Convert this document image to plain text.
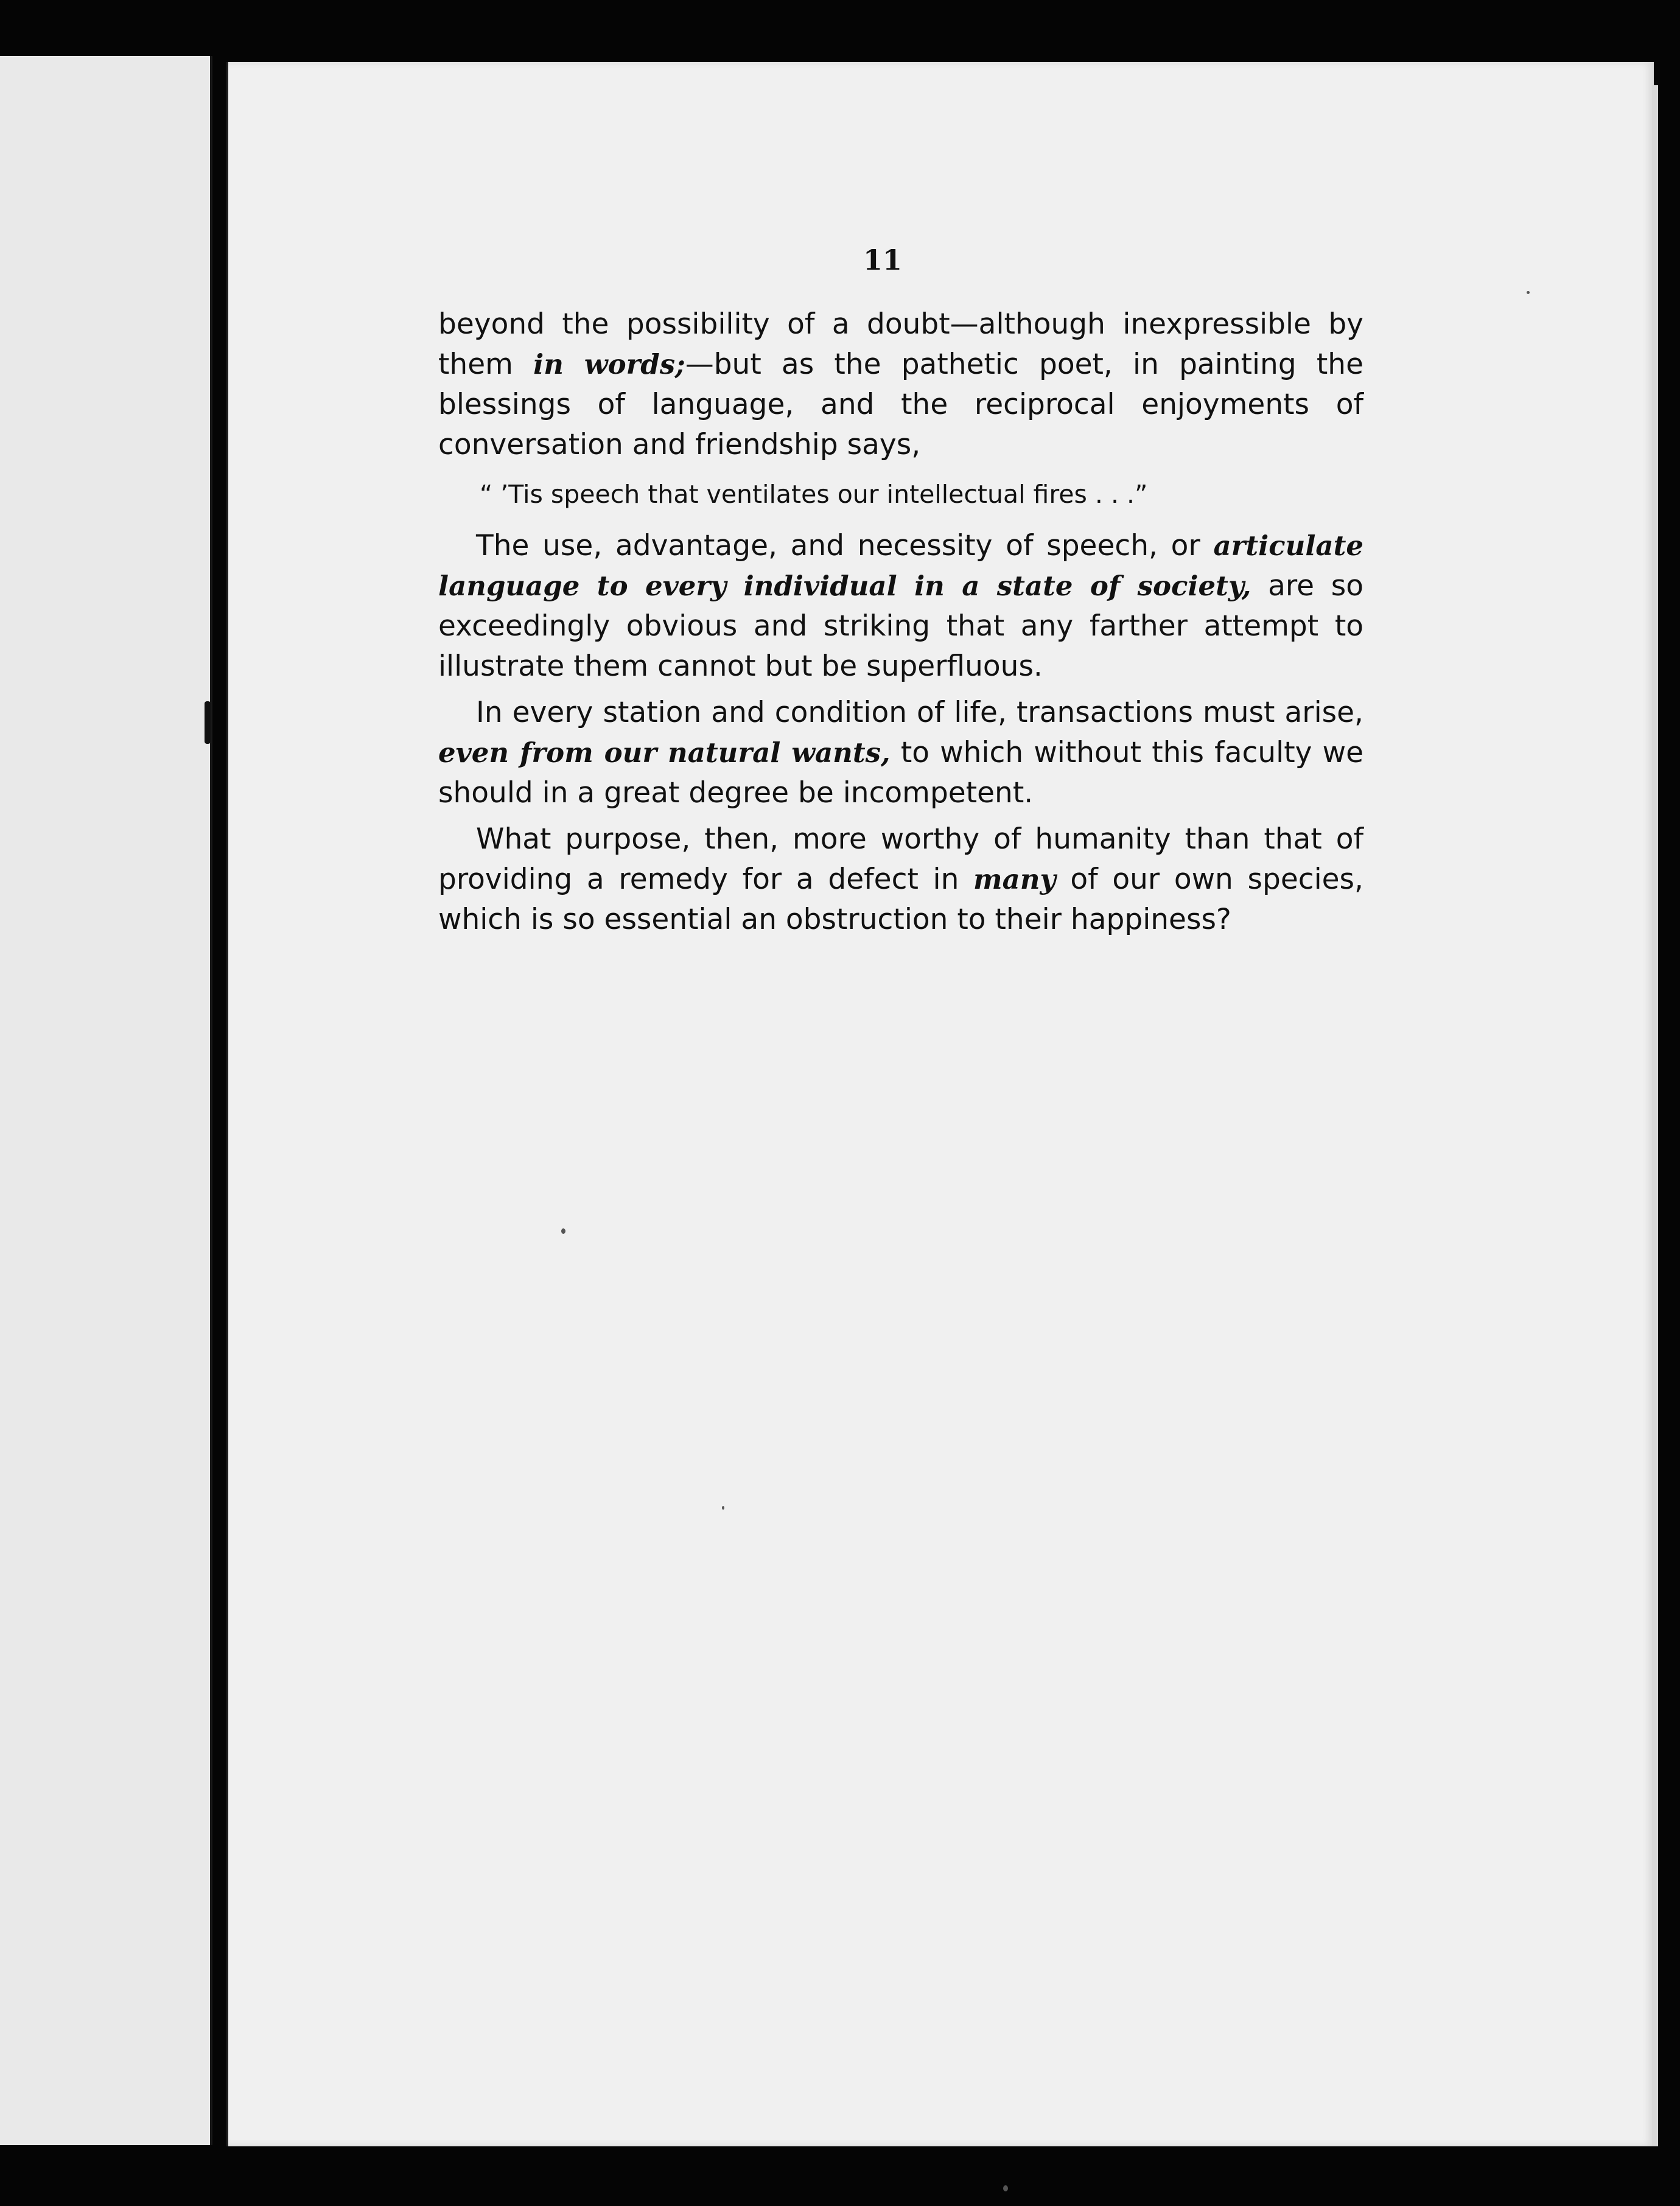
11

beyond the possibility of a doubt—although inexpressible by them in words;—but as the pathetic poet, in painting the blessings of language, and the reciprocal enjoyments of conversation and friendship says,

“ ’Tis speech that ventilates our intellectual fires . . .”

The use, advantage, and necessity of speech, or articulate language to every individual in a state of society, are so exceedingly obvious and striking that any farther attempt to illustrate them cannot but be superfluous.

In every station and condition of life, transactions must arise, even from our natural wants, to which without this faculty we should in a great degree be incompetent.

What purpose, then, more worthy of humanity than that of providing a remedy for a defect in many of our own species, which is so essential an obstruction to their happiness?
